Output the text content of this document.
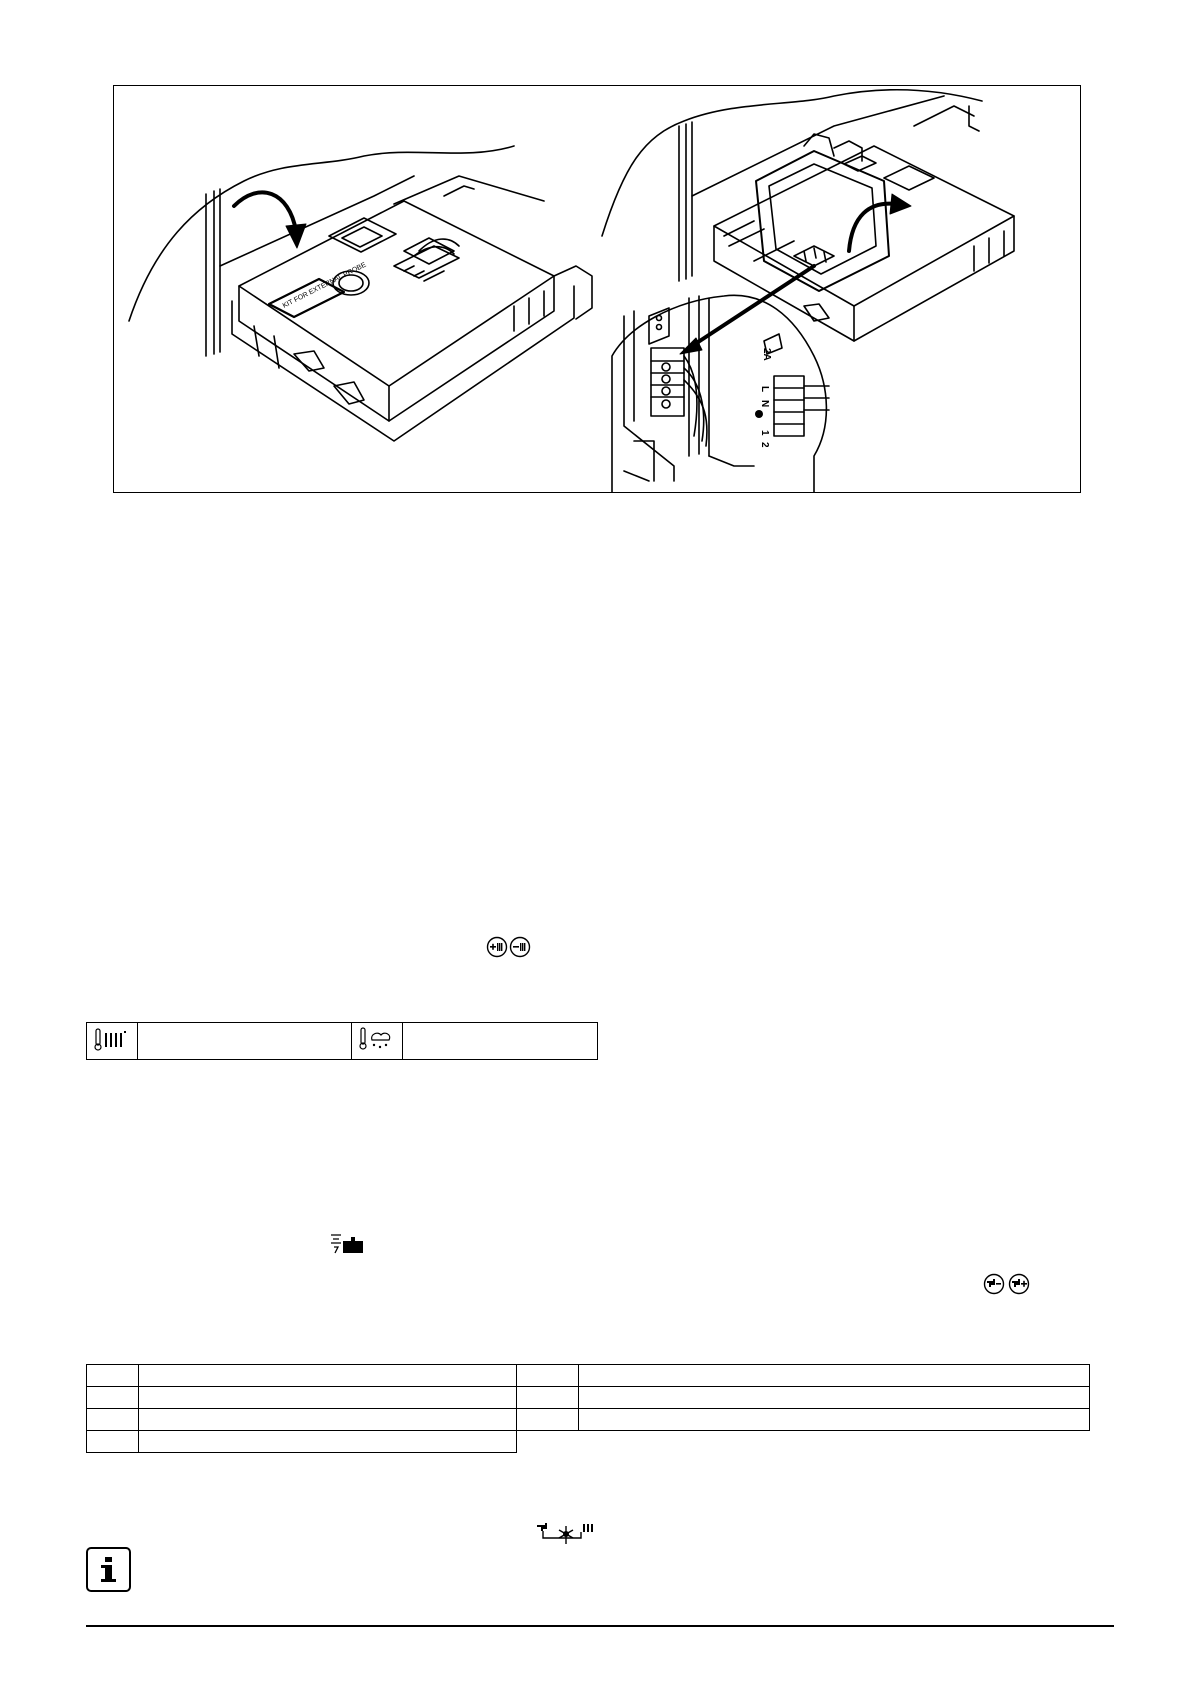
KIT FOR EXTERNAL PROBE
L
N
1
2
2A
